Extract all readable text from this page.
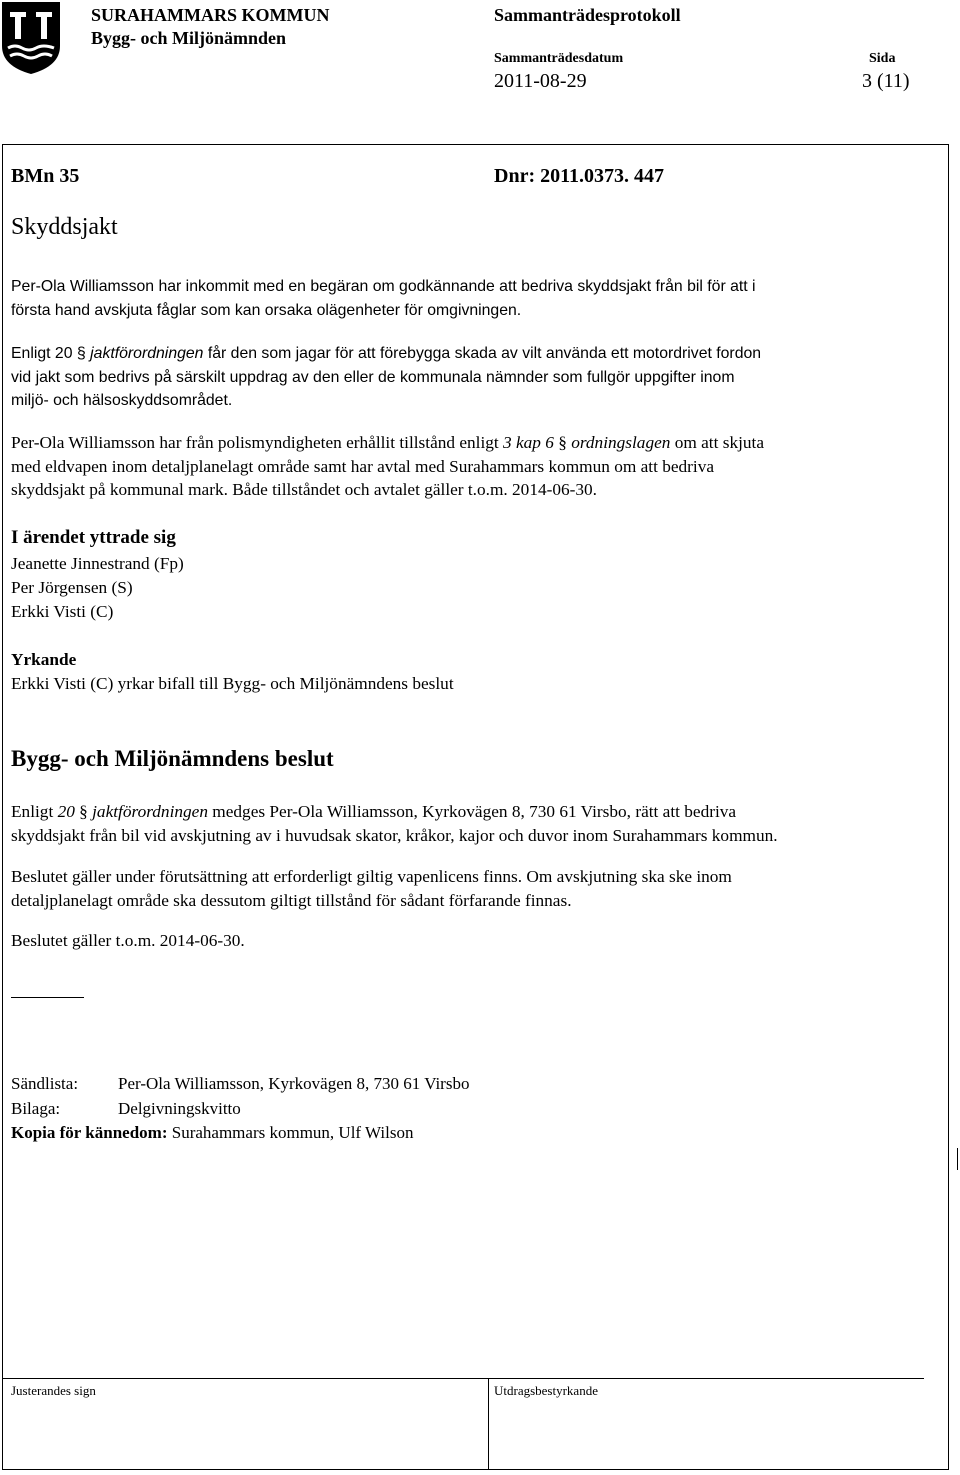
SURAHAMMARS KOMMUN
Bygg- och Miljönämnden
Sammanträdesprotokoll
Sammanträdesdatum	Sida
2011-08-29	3 (11)
BMn 35	Dnr: 2011.0373. 447
Skyddsjakt
Per-Ola Williamsson har inkommit med en begäran om godkännande att bedriva skyddsjakt från bil för att i
första hand avskjuta fåglar som kan orsaka olägenheter för omgivningen.
Enligt 20 § jaktförordningen får den som jagar för att förebygga skada av vilt använda ett motordrivet fordon
vid jakt som bedrivs på särskilt uppdrag av den eller de kommunala nämnder som fullgör uppgifter inom
miljö- och hälsoskyddsområdet.
Per-Ola Williamsson har från polismyndigheten erhållit tillstånd enligt 3 kap 6 § ordningslagen om att skjuta
med eldvapen inom detaljplanelagt område samt har avtal med Surahammars kommun om att bedriva
skyddsjakt på kommunal mark. Både tillståndet och avtalet gäller t.o.m. 2014-06-30.
I ärendet yttrade sig
Jeanette Jinnestrand (Fp)
Per Jörgensen (S)
Erkki Visti (C)
Yrkande
Erkki Visti (C) yrkar bifall till Bygg- och Miljönämndens beslut
Bygg- och Miljönämndens beslut
Enligt 20 § jaktförordningen medges Per-Ola Williamsson, Kyrkovägen 8, 730 61 Virsbo, rätt att bedriva
skyddsjakt från bil vid avskjutning av i huvudsak skator, kråkor, kajor och duvor inom Surahammars kommun.
Beslutet gäller under förutsättning att erforderligt giltig vapenlicens finns. Om avskjutning ska ske inom
detaljplanelagt område ska dessutom giltigt tillstånd för sådant förfarande finnas.
Beslutet gäller t.o.m. 2014-06-30.
Sändlista: Per-Ola Williamsson, Kyrkovägen 8, 730 61 Virsbo
Bilaga:	Delgivningskvitto
Kopia för kännedom: Surahammars kommun, Ulf Wilson
Justerandes sign	Utdragsbestyrkande
